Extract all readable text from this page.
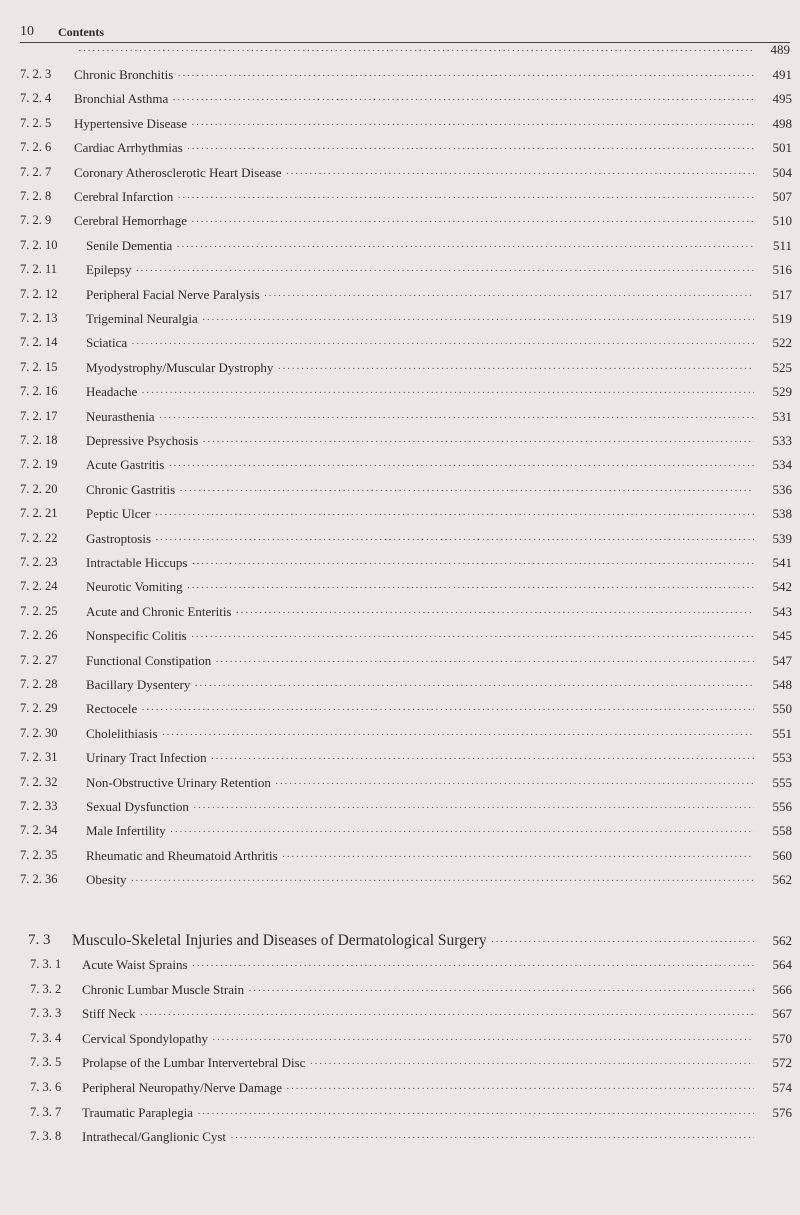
10 Contents
·····
489
7. 2. 3 Chronic Bronchitis ·····	491
7. 2. 4 Bronchial Asthma ·····	495
7. 2. 5 Hypertensive Disease ·····	498
7. 2. 6 Cardiac Arrhythmias ·····	501
7. 2. 7 Coronary Atherosclerotic Heart Disease ·····	504
7. 2. 8 Cerebral Infarction ·····	507
7. 2. 9 Cerebral Hemorrhage ·····	510
7. 2. 10 Senile Dementia ·····	511
7. 2. 11 Epilepsy ·····	516
7. 2. 12 Peripheral Facial Nerve Paralysis ·····	517
7. 2. 13 Trigeminal Neuralgia ·····	519
7. 2. 14 Sciatica ·····	522
7. 2. 15 Myodystrophy/Muscular Dystrophy ·····	525
7. 2. 16 Headache ·····	529
7. 2. 17 Neurasthenia ·····	531
7. 2. 18 Depressive Psychosis ·····	533
7. 2. 19 Acute Gastritis ·····	534
7. 2. 20 Chronic Gastritis ·····	536
7. 2. 21 Peptic Ulcer ·····	538
7. 2. 22 Gastroptosis ·····	539
7. 2. 23 Intractable Hiccups ·····	541
7. 2. 24 Neurotic Vomiting ·····	542
7. 2. 25 Acute and Chronic Enteritis ·····	543
7. 2. 26 Nonspecific Colitis ·····	545
7. 2. 27 Functional Constipation ·····	547
7. 2. 28 Bacillary Dysentery ·····	548
7. 2. 29 Rectocele ·····	550
7. 2. 30 Cholelithiasis ·····	551
7. 2. 31 Urinary Tract Infection ·····	553
7. 2. 32 Non-Obstructive Urinary Retention ·····	555
7. 2. 33 Sexual Dysfunction ·····	556
7. 2. 34 Male Infertility ·····	558
7. 2. 35 Rheumatic and Rheumatoid Arthritis ·····	560
7. 2. 36 Obesity ·····	562
7. 3 Musculo-Skeletal Injuries and Diseases of Dermatological Surgery ·····	562
7. 3. 1 Acute Waist Sprains ·····	564
7. 3. 2 Chronic Lumbar Muscle Strain ·····	566
7. 3. 3 Stiff Neck ·····	567
7. 3. 4 Cervical Spondylopathy ·····	570
7. 3. 5 Prolapse of the Lumbar Intervertebral Disc ·····	572
7. 3. 6 Peripheral Neuropathy/Nerve Damage ·····	574
7. 3. 7 Traumatic Paraplegia ·····	576
7. 3. 8 Intrathecal/Ganglionic Cyst
·····
